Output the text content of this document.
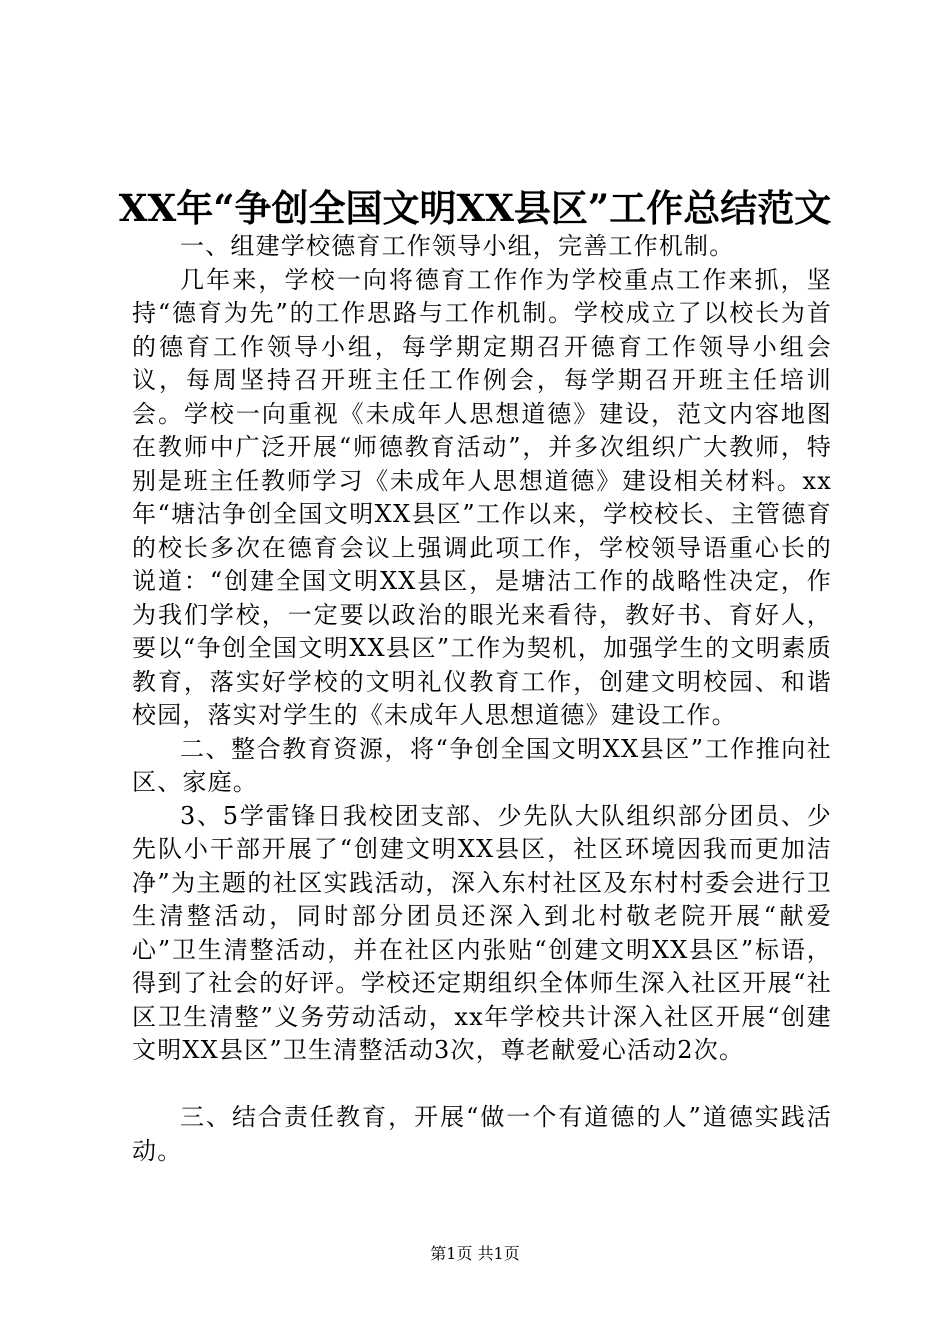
XX年“争创全国文明XX县区”工作总结范文

一、组建学校德育工作领导小组，完善工作机制。

几年来，学校一向将德育工作作为学校重点工作来抓，坚持“德育为先”的工作思路与工作机制。学校成立了以校长为首的德育工作领导小组，每学期定期召开德育工作领导小组会议，每周坚持召开班主任工作例会，每学期召开班主任培训会。学校一向重视《未成年人思想道德》建设，范文内容地图在教师中广泛开展“师德教育活动”，并多次组织广大教师，特别是班主任教师学习《未成年人思想道德》建设相关材料。xx年“塘沽争创全国文明XX县区”工作以来，学校校长、主管德育的校长多次在德育会议上强调此项工作，学校领导语重心长的说道：“创建全国文明XX县区，是塘沽工作的战略性决定，作为我们学校，一定要以政治的眼光来看待，教好书、育好人，要以“争创全国文明XX县区”工作为契机，加强学生的文明素质教育，落实好学校的文明礼仪教育工作，创建文明校园、和谐校园，落实对学生的《未成年人思想道德》建设工作。

二、整合教育资源，将“争创全国文明XX县区”工作推向社区、家庭。

3、5学雷锋日我校团支部、少先队大队组织部分团员、少先队小干部开展了“创建文明XX县区，社区环境因我而更加洁净”为主题的社区实践活动，深入东村社区及东村村委会进行卫生清整活动，同时部分团员还深入到北村敬老院开展“献爱心”卫生清整活动，并在社区内张贴“创建文明XX县区”标语，得到了社会的好评。学校还定期组织全体师生深入社区开展“社区卫生清整”义务劳动活动，xx年学校共计深入社区开展“创建文明XX县区”卫生清整活动3次，尊老献爱心活动2次。

三、结合责任教育，开展“做一个有道德的人”道德实践活动。

第1页 共1页
